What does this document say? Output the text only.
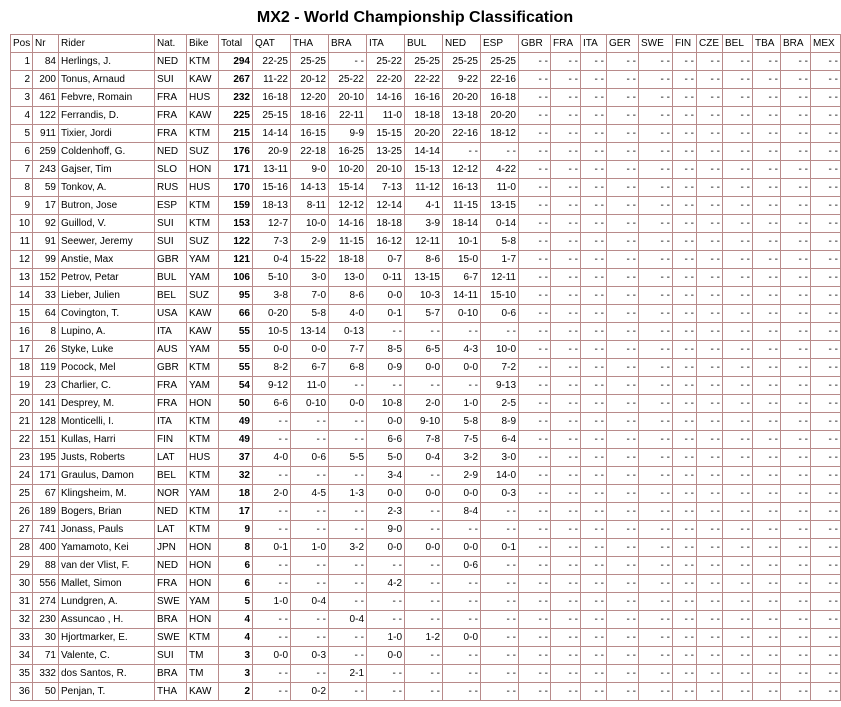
MX2 - World Championship Classification
Pos	Nr	Rider	Nat.	Bike	Total	QAT	THA	BRA	ITA	BUL	NED	ESP	GBR	FRA	ITA	GER	SWE	FIN	CZE	BEL	TBA	BRA	MEX
1	84	Herlings, J.	NED	KTM	294	22-25	25-25	- -	25-22	25-25	25-25	25-25	- -	- -	- -	- -	- -	- -	- -	- -	- -	- -	- -
2	200	Tonus, Arnaud	SUI	KAW	267	11-22	20-12	25-22	22-20	22-22	9-22	22-16	- -	- -	- -	- -	- -	- -	- -	- -	- -	- -	- -
3	461	Febvre, Romain	FRA	HUS	232	16-18	12-20	20-10	14-16	16-16	20-20	16-18	- -	- -	- -	- -	- -	- -	- -	- -	- -	- -	- -
4	122	Ferrandis, D.	FRA	KAW	225	25-15	18-16	22-11	11-0	18-18	13-18	20-20	- -	- -	- -	- -	- -	- -	- -	- -	- -	- -	- -
5	911	Tixier, Jordi	FRA	KTM	215	14-14	16-15	9-9	15-15	20-20	22-16	18-12	- -	- -	- -	- -	- -	- -	- -	- -	- -	- -	- -
6	259	Coldenhoff, G.	NED	SUZ	176	20-9	22-18	16-25	13-25	14-14	- -	- -	- -	- -	- -	- -	- -	- -	- -	- -	- -	- -	- -
7	243	Gajser, Tim	SLO	HON	171	13-11	9-0	10-20	20-10	15-13	12-12	4-22	- -	- -	- -	- -	- -	- -	- -	- -	- -	- -	- -
8	59	Tonkov, A.	RUS	HUS	170	15-16	14-13	15-14	7-13	11-12	16-13	11-0	- -	- -	- -	- -	- -	- -	- -	- -	- -	- -	- -
9	17	Butron, Jose	ESP	KTM	159	18-13	8-11	12-12	12-14	4-1	11-15	13-15	- -	- -	- -	- -	- -	- -	- -	- -	- -	- -	- -
10	92	Guillod, V.	SUI	KTM	153	12-7	10-0	14-16	18-18	3-9	18-14	0-14	- -	- -	- -	- -	- -	- -	- -	- -	- -	- -	- -
11	91	Seewer, Jeremy	SUI	SUZ	122	7-3	2-9	11-15	16-12	12-11	10-1	5-8	- -	- -	- -	- -	- -	- -	- -	- -	- -	- -	- -
12	99	Anstie, Max	GBR	YAM	121	0-4	15-22	18-18	0-7	8-6	15-0	1-7	- -	- -	- -	- -	- -	- -	- -	- -	- -	- -	- -
13	152	Petrov, Petar	BUL	YAM	106	5-10	3-0	13-0	0-11	13-15	6-7	12-11	- -	- -	- -	- -	- -	- -	- -	- -	- -	- -	- -
14	33	Lieber, Julien	BEL	SUZ	95	3-8	7-0	8-6	0-0	10-3	14-11	15-10	- -	- -	- -	- -	- -	- -	- -	- -	- -	- -	- -
15	64	Covington, T.	USA	KAW	66	0-20	5-8	4-0	0-1	5-7	0-10	0-6	- -	- -	- -	- -	- -	- -	- -	- -	- -	- -	- -
16	8	Lupino, A.	ITA	KAW	55	10-5	13-14	0-13	- -	- -	- -	- -	- -	- -	- -	- -	- -	- -	- -	- -	- -	- -	- -
17	26	Styke, Luke	AUS	YAM	55	0-0	0-0	7-7	8-5	6-5	4-3	10-0	- -	- -	- -	- -	- -	- -	- -	- -	- -	- -	- -
18	119	Pocock, Mel	GBR	KTM	55	8-2	6-7	6-8	0-9	0-0	0-0	7-2	- -	- -	- -	- -	- -	- -	- -	- -	- -	- -	- -
19	23	Charlier, C.	FRA	YAM	54	9-12	11-0	- -	- -	- -	- -	9-13	- -	- -	- -	- -	- -	- -	- -	- -	- -	- -	- -
20	141	Desprey, M.	FRA	HON	50	6-6	0-10	0-0	10-8	2-0	1-0	2-5	- -	- -	- -	- -	- -	- -	- -	- -	- -	- -	- -
21	128	Monticelli, I.	ITA	KTM	49	- -	- -	- -	0-0	9-10	5-8	8-9	- -	- -	- -	- -	- -	- -	- -	- -	- -	- -	- -
22	151	Kullas, Harri	FIN	KTM	49	- -	- -	- -	6-6	7-8	7-5	6-4	- -	- -	- -	- -	- -	- -	- -	- -	- -	- -	- -
23	195	Justs, Roberts	LAT	HUS	37	4-0	0-6	5-5	5-0	0-4	3-2	3-0	- -	- -	- -	- -	- -	- -	- -	- -	- -	- -	- -
24	171	Graulus, Damon	BEL	KTM	32	- -	- -	- -	3-4	- -	2-9	14-0	- -	- -	- -	- -	- -	- -	- -	- -	- -	- -	- -
25	67	Klingsheim, M.	NOR	YAM	18	2-0	4-5	1-3	0-0	0-0	0-0	0-3	- -	- -	- -	- -	- -	- -	- -	- -	- -	- -	- -
26	189	Bogers, Brian	NED	KTM	17	- -	- -	- -	2-3	- -	8-4	- -	- -	- -	- -	- -	- -	- -	- -	- -	- -	- -	- -
27	741	Jonass, Pauls	LAT	KTM	9	- -	- -	- -	9-0	- -	- -	- -	- -	- -	- -	- -	- -	- -	- -	- -	- -	- -	- -
28	400	Yamamoto, Kei	JPN	HON	8	0-1	1-0	3-2	0-0	0-0	0-0	0-1	- -	- -	- -	- -	- -	- -	- -	- -	- -	- -	- -
29	88	van der Vlist, F.	NED	HON	6	- -	- -	- -	- -	- -	0-6	- -	- -	- -	- -	- -	- -	- -	- -	- -	- -	- -	- -
30	556	Mallet, Simon	FRA	HON	6	- -	- -	- -	4-2	- -	- -	- -	- -	- -	- -	- -	- -	- -	- -	- -	- -	- -	- -
31	274	Lundgren, A.	SWE	YAM	5	1-0	0-4	- -	- -	- -	- -	- -	- -	- -	- -	- -	- -	- -	- -	- -	- -	- -	- -
32	230	Assuncao , H.	BRA	HON	4	- -	- -	0-4	- -	- -	- -	- -	- -	- -	- -	- -	- -	- -	- -	- -	- -	- -	- -
33	30	Hjortmarker, E.	SWE	KTM	4	- -	- -	- -	1-0	1-2	0-0	- -	- -	- -	- -	- -	- -	- -	- -	- -	- -	- -	- -
34	71	Valente, C.	SUI	TM	3	0-0	0-3	- -	0-0	- -	- -	- -	- -	- -	- -	- -	- -	- -	- -	- -	- -	- -	- -
35	332	dos Santos, R.	BRA	TM	3	- -	- -	2-1	- -	- -	- -	- -	- -	- -	- -	- -	- -	- -	- -	- -	- -	- -	- -
36	50	Penjan, T.	THA	KAW	2	- -	0-2	- -	- -	- -	- -	- -	- -	- -	- -	- -	- -	- -	- -	- -	- -	- -	- -
